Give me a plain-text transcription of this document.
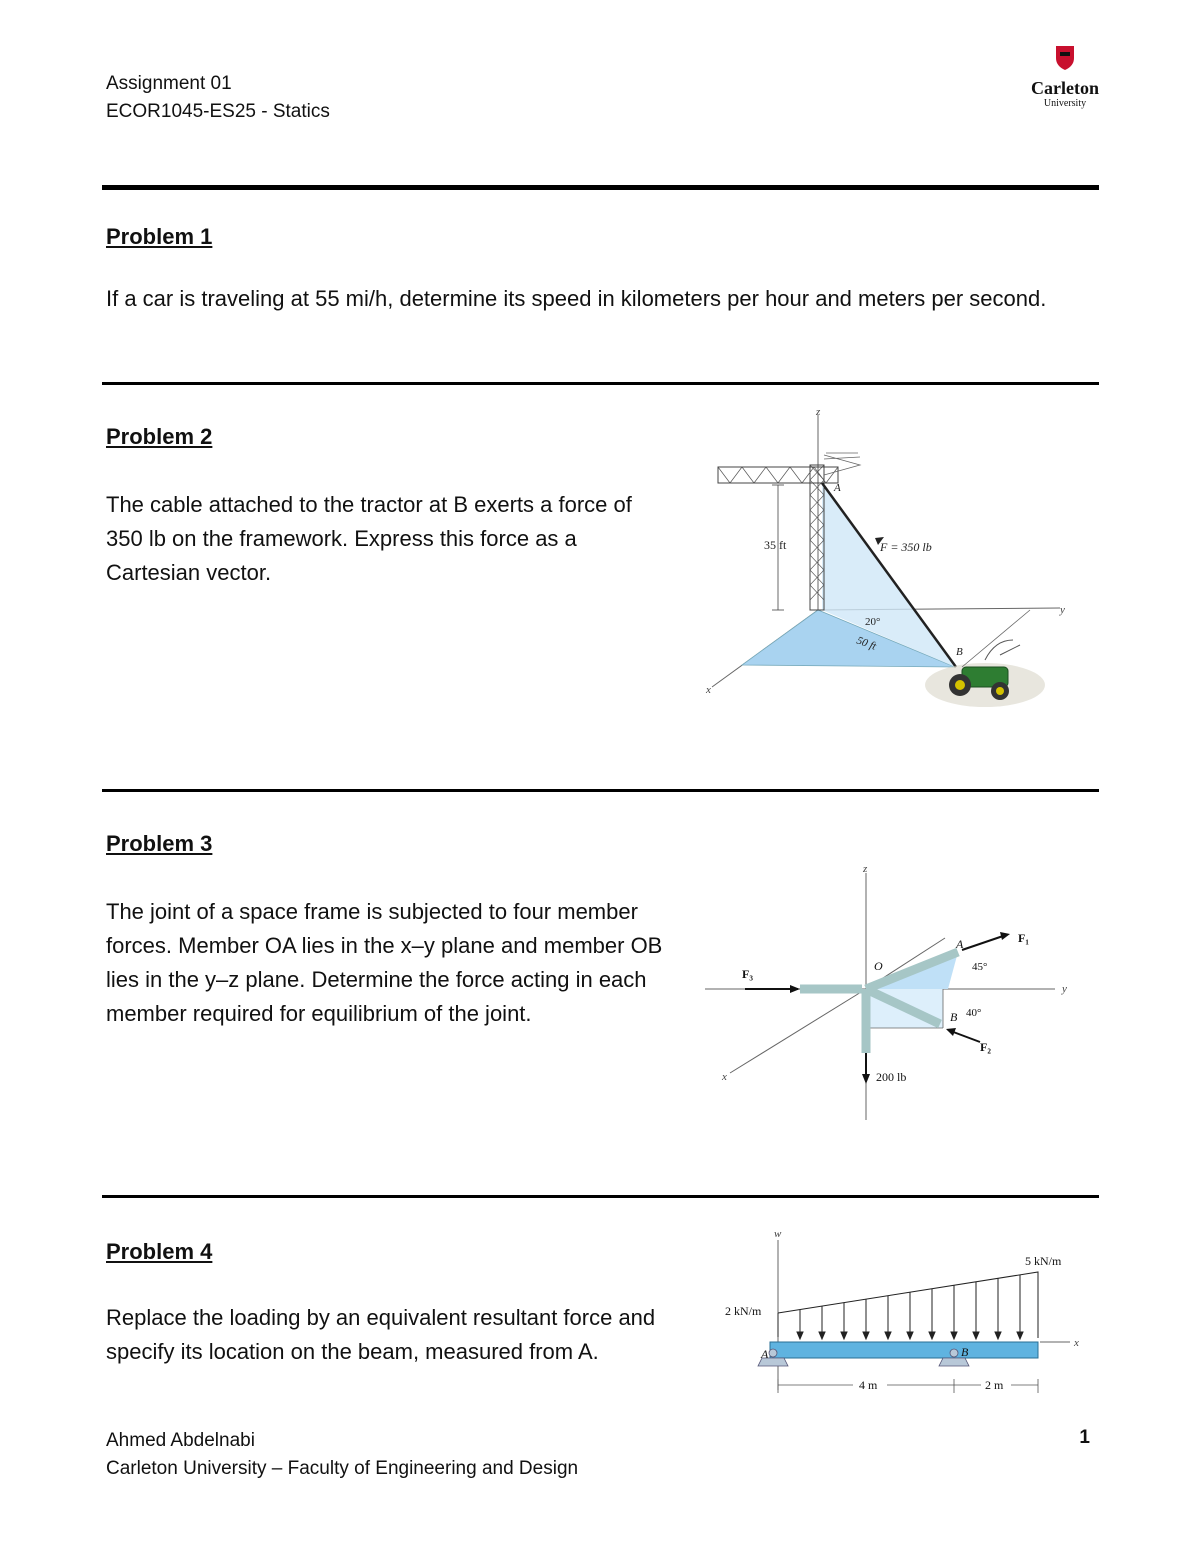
Assignment 01
ECOR1045-ES25 - Statics
Carleton
University
Problem 1
If a car is traveling at 55 mi/h, determine its speed in kilometers per hour and meters per second.
Problem 2
The cable attached to the tractor at B exerts a force of 350 lb on the framework. Express this force as a Cartesian vector.
z
y
x
35 ft	F = 350 lb
A
20°
50 ft	B
Problem 3
The joint of a space frame is subjected to four member forces. Member OA lies in the x–y plane and member OB lies in the y–z plane. Determine the force acting in each member required for equilibrium of the joint.
z
y
x
F₃
F₁
F₂
200 lb
O
A
B
45°
40°
Problem 4
Replace the loading by an equivalent resultant force and specify its location on the beam, measured from A.
w
x
2 kN/m
5 kN/m
A	B
4 m	2 m
Ahmed Abdelnabi
Carleton University – Faculty of Engineering and Design
1
